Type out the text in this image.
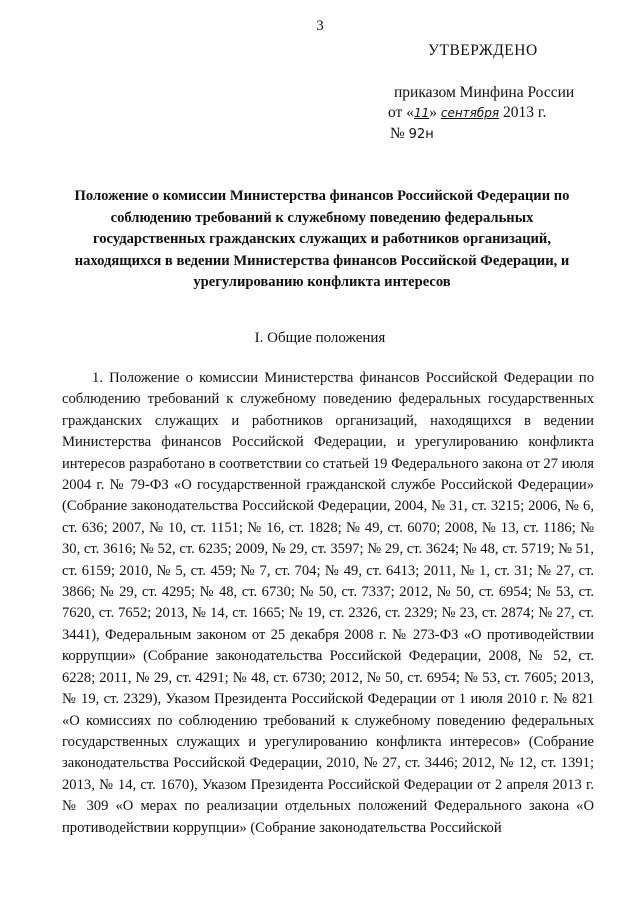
3
УТВЕРЖДЕНО
приказом Минфина России
от «11» сентября 2013 г.
№ 92н
Положение о комиссии Министерства финансов Российской Федерации по соблюдению требований к служебному поведению федеральных государственных гражданских служащих и работников организаций, находящихся в ведении Министерства финансов Российской Федерации, и урегулированию конфликта интересов
I. Общие положения

1. Положение о комиссии Министерства финансов Российской Федерации по соблюдению требований к служебному поведению федеральных государственных гражданских служащих и работников организаций, находящихся в ведении Министерства финансов Российской Федерации, и урегулированию конфликта интересов разработано в соответствии со статьей 19 Федерального закона от 27 июля 2004 г. № 79-ФЗ «О государственной гражданской службе Российской Федерации» (Собрание законодательства Российской Федерации, 2004, № 31, ст. 3215; 2006, № 6, ст. 636; 2007, № 10, ст. 1151; № 16, ст. 1828; № 49, ст. 6070; 2008, № 13, ст. 1186; № 30, ст. 3616; № 52, ст. 6235; 2009, № 29, ст. 3597; № 29, ст. 3624; № 48, ст. 5719; № 51, ст. 6159; 2010, № 5, ст. 459; № 7, ст. 704; № 49, ст. 6413; 2011, № 1, ст. 31; № 27, ст. 3866; № 29, ст. 4295; № 48, ст. 6730; № 50, ст. 7337; 2012, № 50, ст. 6954; № 53, ст. 7620, ст. 7652; 2013, № 14, ст. 1665; № 19, ст. 2326, ст. 2329; № 23, ст. 2874; № 27, ст. 3441), Федеральным законом от 25 декабря 2008 г. № 273-ФЗ «О противодействии коррупции» (Собрание законодательства Российской Федерации, 2008, № 52, ст. 6228; 2011, № 29, ст. 4291; № 48, ст. 6730; 2012, № 50, ст. 6954; № 53, ст. 7605; 2013, № 19, ст. 2329), Указом Президента Российской Федерации от 1 июля 2010 г. № 821 «О комиссиях по соблюдению требований к служебному поведению федеральных государственных служащих и урегулированию конфликта интересов» (Собрание законодательства Российской Федерации, 2010, № 27, ст. 3446; 2012, № 12, ст. 1391; 2013, № 14, ст. 1670), Указом Президента Российской Федерации от 2 апреля 2013 г. № 309 «О мерах по реализации отдельных положений Федерального закона «О противодействии коррупции» (Собрание законодательства Российской
